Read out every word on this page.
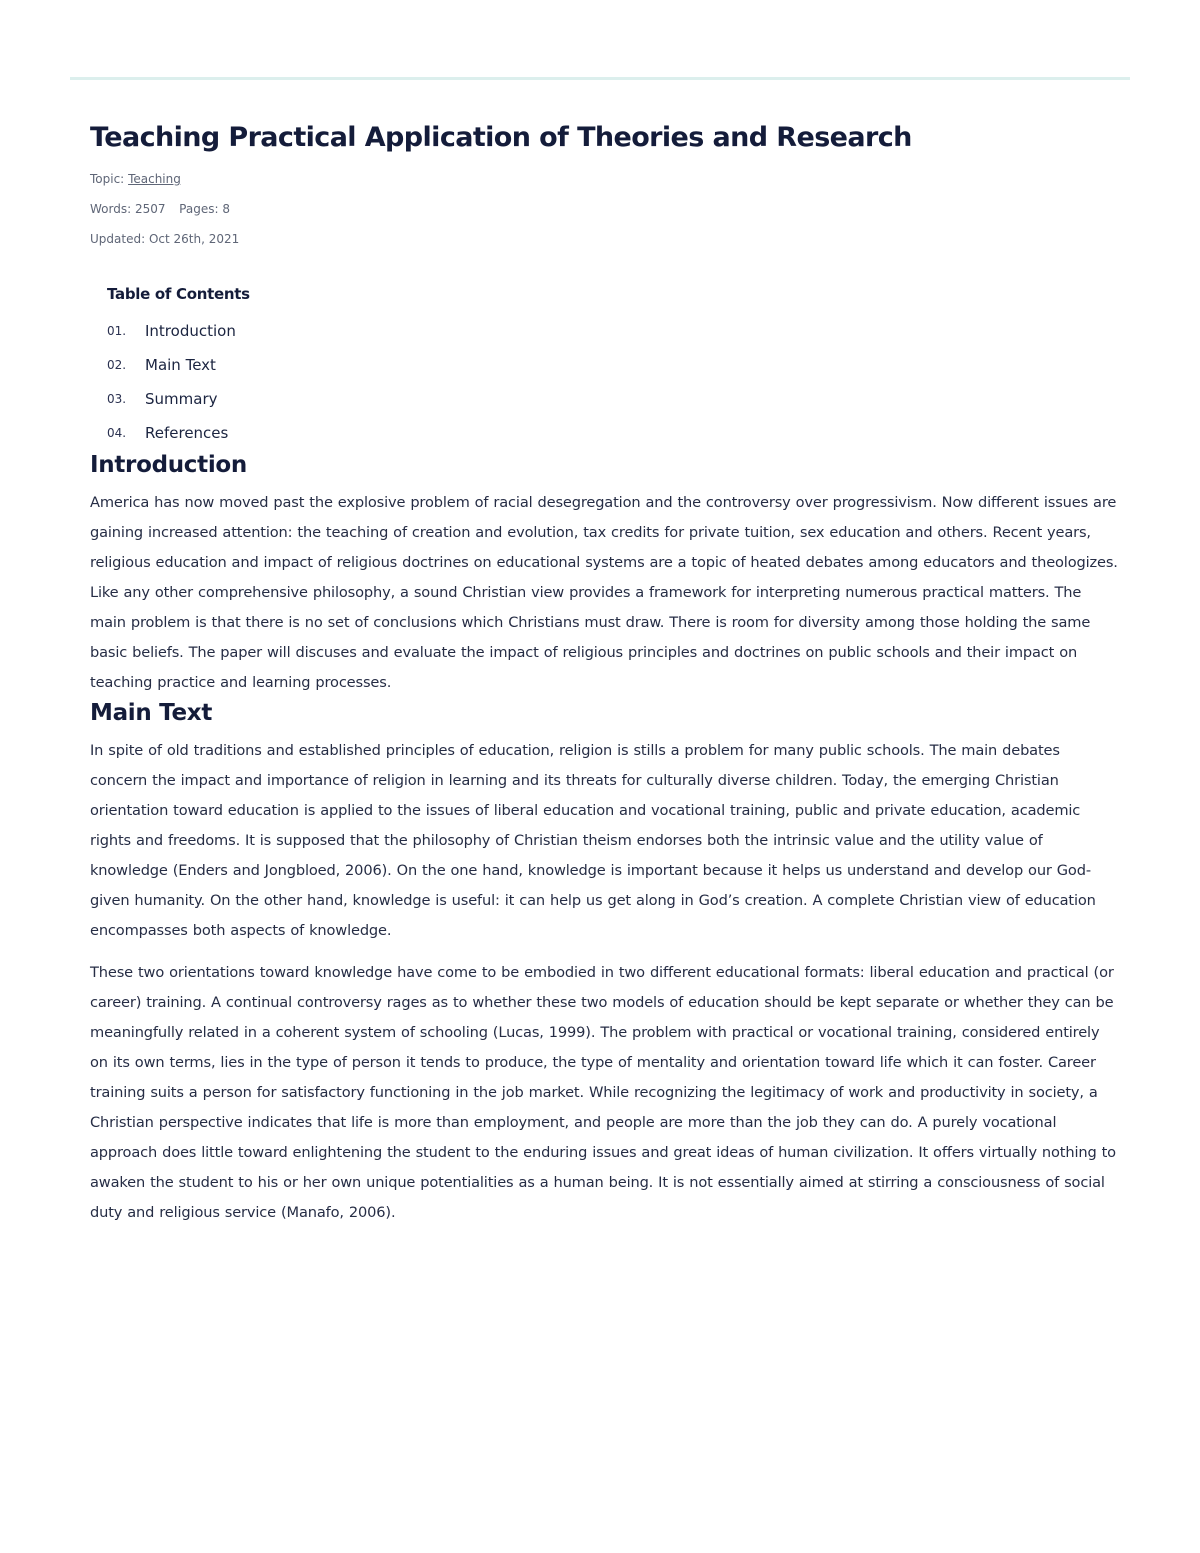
Teaching Practical Application of Theories and Research
Topic: Teaching
Words: 2507 Pages: 8
Updated: Oct 26th, 2021
Table of Contents
01.	Introduction
02.	Main Text
03.	Summary
04.	References
Introduction

America has now moved past the explosive problem of racial desegregation and the controversy over progressivism. Now different issues are gaining increased attention: the teaching of creation and evolution, tax credits for private tuition, sex education and others. Recent years, religious education and impact of religious doctrines on educational systems are a topic of heated debates among educators and theologizes. Like any other comprehensive philosophy, a sound Christian view provides a framework for interpreting numerous practical matters. The main problem is that there is no set of conclusions which Christians must draw. There is room for diversity among those holding the same basic beliefs. The paper will discuses and evaluate the impact of religious principles and doctrines on public schools and their impact on teaching practice and learning processes.

Main Text

In spite of old traditions and established principles of education, religion is stills a problem for many public schools. The main debates concern the impact and importance of religion in learning and its threats for culturally diverse children. Today, the emerging Christian orientation toward education is applied to the issues of liberal education and vocational training, public and private education, academic rights and freedoms. It is supposed that the philosophy of Christian theism endorses both the intrinsic value and the utility value of knowledge (Enders and Jongbloed, 2006). On the one hand, knowledge is important because it helps us understand and develop our God-given humanity. On the other hand, knowledge is useful: it can help us get along in God’s creation. A complete Christian view of education encompasses both aspects of knowledge.

These two orientations toward knowledge have come to be embodied in two different educational formats: liberal education and practical (or career) training. A continual controversy rages as to whether these two models of education should be kept separate or whether they can be meaningfully related in a coherent system of schooling (Lucas, 1999). The problem with practical or vocational training, considered entirely on its own terms, lies in the type of person it tends to produce, the type of mentality and orientation toward life which it can foster. Career training suits a person for satisfactory functioning in the job market. While recognizing the legitimacy of work and productivity in society, a Christian perspective indicates that life is more than employment, and people are more than the job they can do. A purely vocational approach does little toward enlightening the student to the enduring issues and great ideas of human civilization. It offers virtually nothing to awaken the student to his or her own unique potentialities as a human being. It is not essentially aimed at stirring a consciousness of social duty and religious service (Manafo, 2006).
